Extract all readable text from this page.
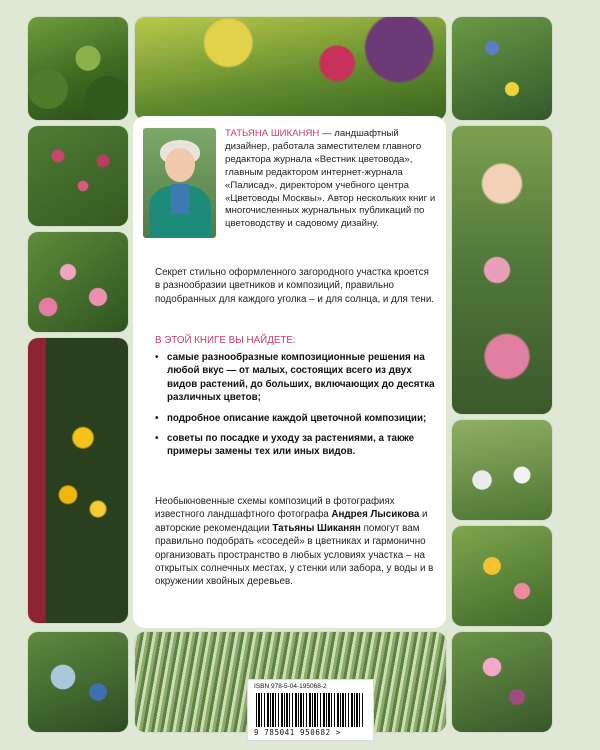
ТАТЬЯНА ШИКАНЯН — ландшафтный дизайнер, работала заместителем главного редактора журнала «Вестник цветовода», главным редактором интернет-журнала «Палисад», директором учебного центра «Цветоводы Москвы». Автор нескольких книг и многочисленных журнальных публикаций по цветоводству и садовому дизайну.
Секрет стильно оформленного загородного участка кроется в разнообразии цветников и композиций, правильно подобранных для каждого уголка – и для солнца, и для тени.
В ЭТОЙ КНИГЕ ВЫ НАЙДЕТЕ:
• самые разнообразные композиционные решения на любой вкус — от малых, состоящих всего из двух видов растений, до больших, включающих до десятка различных цветов;
• подробное описание каждой цветочной композиции;
• советы по посадке и уходу за растениями, а также примеры замены тех или иных видов.
Необыкновенные схемы композиций в фотографиях известного ландшафтного фотографа Андрея Лысикова и авторские рекомендации Татьяны Шиканян помогут вам правильно подобрать «соседей» в цветниках и гармонично организовать пространство в любых условиях участка – на открытых солнечных местах, у стенки или забора, у воды и в окружении хвойных деревьев.
ISBN 978-5-04-195068-2
9 785041 950682 >
